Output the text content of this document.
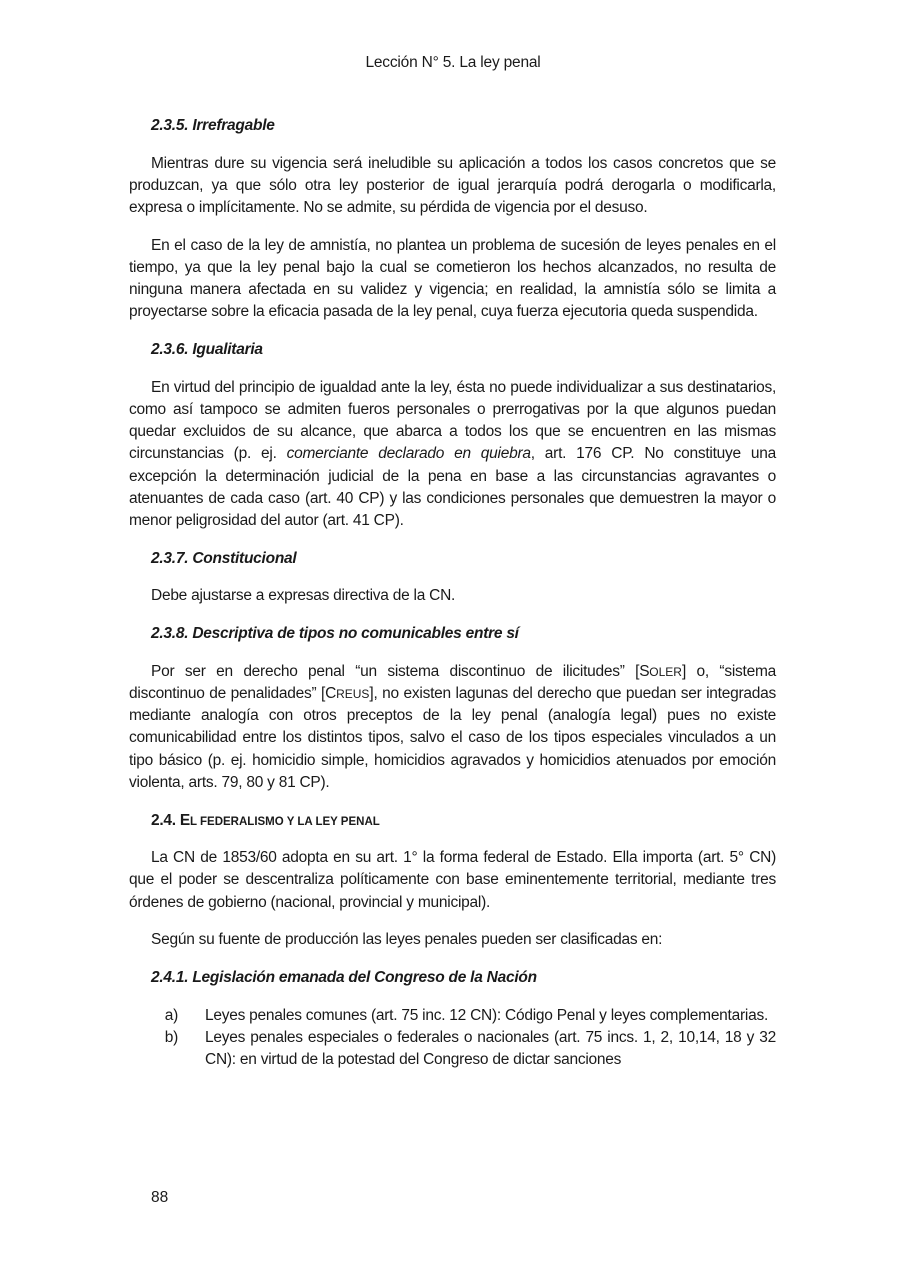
Lección N° 5. La ley penal

2.3.5. Irrefragable

Mientras dure su vigencia será ineludible su aplicación a todos los casos concretos que se produzcan, ya que sólo otra ley posterior de igual jerarquía podrá derogarla o modificarla, expresa o implícitamente. No se admite, su pérdida de vigencia por el desuso.

En el caso de la ley de amnistía, no plantea un problema de sucesión de leyes penales en el tiempo, ya que la ley penal bajo la cual se cometieron los hechos alcanzados, no resulta de ninguna manera afectada en su validez y vigencia; en realidad, la amnistía sólo se limita a proyectarse sobre la eficacia pasada de la ley penal, cuya fuerza ejecutoria queda suspendida.

2.3.6. Igualitaria

En virtud del principio de igualdad ante la ley, ésta no puede individualizar a sus destinatarios, como así tampoco se admiten fueros personales o prerrogativas por la que algunos puedan quedar excluidos de su alcance, que abarca a todos los que se encuentren en las mismas circunstancias (p. ej. comerciante declarado en quiebra, art. 176 CP. No constituye una excepción la determinación judicial de la pena en base a las circunstancias agravantes o atenuantes de cada caso (art. 40 CP) y las condiciones personales que demuestren la mayor o menor peligrosidad del autor (art. 41 CP).

2.3.7. Constitucional

Debe ajustarse a expresas directiva de la CN.

2.3.8. Descriptiva de tipos no comunicables entre sí

Por ser en derecho penal “un sistema discontinuo de ilicitudes” [SOLER] o, “sistema discontinuo de penalidades” [CREUS], no existen lagunas del derecho que puedan ser integradas mediante analogía con otros preceptos de la ley penal (analogía legal) pues no existe comunicabilidad entre los distintos tipos, salvo el caso de los tipos especiales vinculados a un tipo básico (p. ej. homicidio simple, homicidios agravados y homicidios atenuados por emoción violenta, arts. 79, 80 y 81 CP).

2.4. EL FEDERALISMO Y LA LEY PENAL

La CN de 1853/60 adopta en su art. 1° la forma federal de Estado. Ella importa (art. 5° CN) que el poder se descentraliza políticamente con base eminentemente territorial, mediante tres órdenes de gobierno (nacional, provincial y municipal).

Según su fuente de producción las leyes penales pueden ser clasificadas en:

2.4.1. Legislación emanada del Congreso de la Nación

a)	Leyes penales comunes (art. 75 inc. 12 CN): Código Penal y leyes complementarias.
b)	Leyes penales especiales o federales o nacionales (art. 75 incs. 1, 2, 10,14, 18 y 32 CN): en virtud de la potestad del Congreso de dictar sanciones
88
